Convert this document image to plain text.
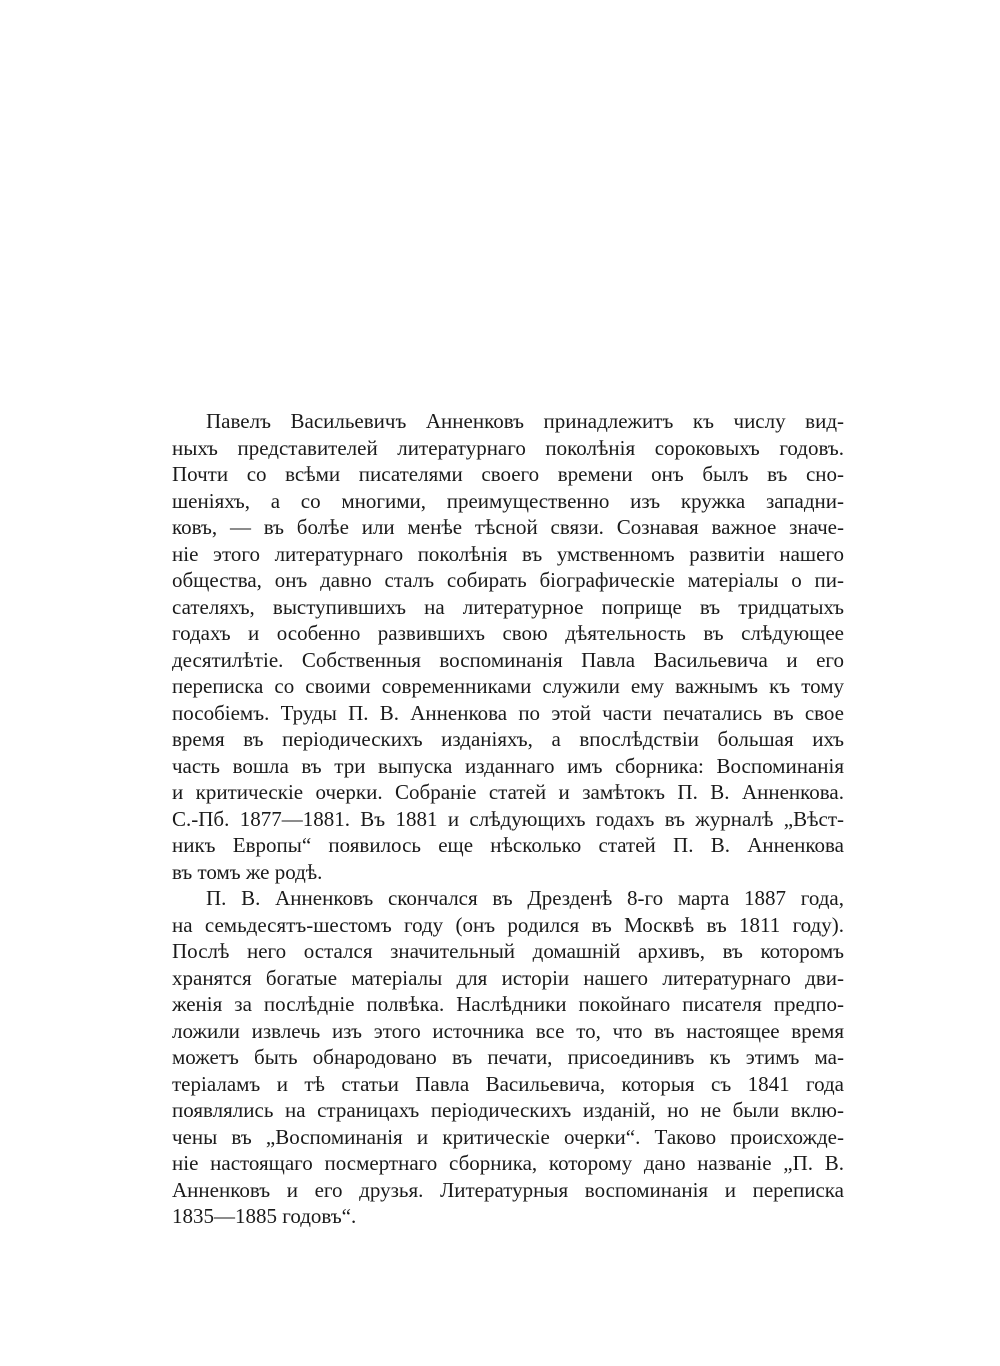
Павелъ Васильевичъ Анненковъ принадлежитъ къ числу вид-
ныхъ представителей литературнаго поколѣнія сороковыхъ годовъ.
Почти со всѣми писателями своего времени онъ былъ въ сно-
шеніяхъ, а со многими, преимущественно изъ кружка западни-
ковъ, — въ болѣе или менѣе тѣсной связи. Сознавая важное значе-
ніе этого литературнаго поколѣнія въ умственномъ развитіи нашего
общества, онъ давно сталъ собирать біографическіе матеріалы о пи-
сателяхъ, выступившихъ на литературное поприще въ тридцатыхъ
годахъ и особенно развившихъ свою дѣятельность въ слѣдующее
десятилѣтіе. Собственныя воспоминанія Павла Васильевича и его
переписка со своими современниками служили ему важнымъ къ тому
пособіемъ. Труды П. В. Анненкова по этой части печатались въ свое
время въ періодическихъ изданіяхъ, а впослѣдствіи большая ихъ
часть вошла въ три выпуска изданнаго имъ сборника: Воспоминанія
и критическіе очерки. Собраніе статей и замѣтокъ П. В. Анненкова.
С.-Пб. 1877—1881. Въ 1881 и слѣдующихъ годахъ въ журналѣ „Вѣст-
никъ Европы“ появилось еще нѣсколько статей П. В. Анненкова
въ томъ же родѣ.

П. В. Анненковъ скончался въ Дрезденѣ 8-го марта 1887 года,
на семьдесятъ-шестомъ году (онъ родился въ Москвѣ въ 1811 году).
Послѣ него остался значительный домашній архивъ, въ которомъ
хранятся богатые матеріалы для исторіи нашего литературнаго дви-
женія за послѣдніе полвѣка. Наслѣдники покойнаго писателя предпо-
ложили извлечь изъ этого источника все то, что въ настоящее время
можетъ быть обнародовано въ печати, присоединивъ къ этимъ ма-
теріаламъ и тѣ статьи Павла Васильевича, которыя съ 1841 года
появлялись на страницахъ періодическихъ изданій, но не были вклю-
чены въ „Воспоминанія и критическіе очерки“. Таково происхожде-
ніе настоящаго посмертнаго сборника, которому дано названіе „П. В.
Анненковъ и его друзья. Литературныя воспоминанія и переписка
1835—1885 годовъ“.
